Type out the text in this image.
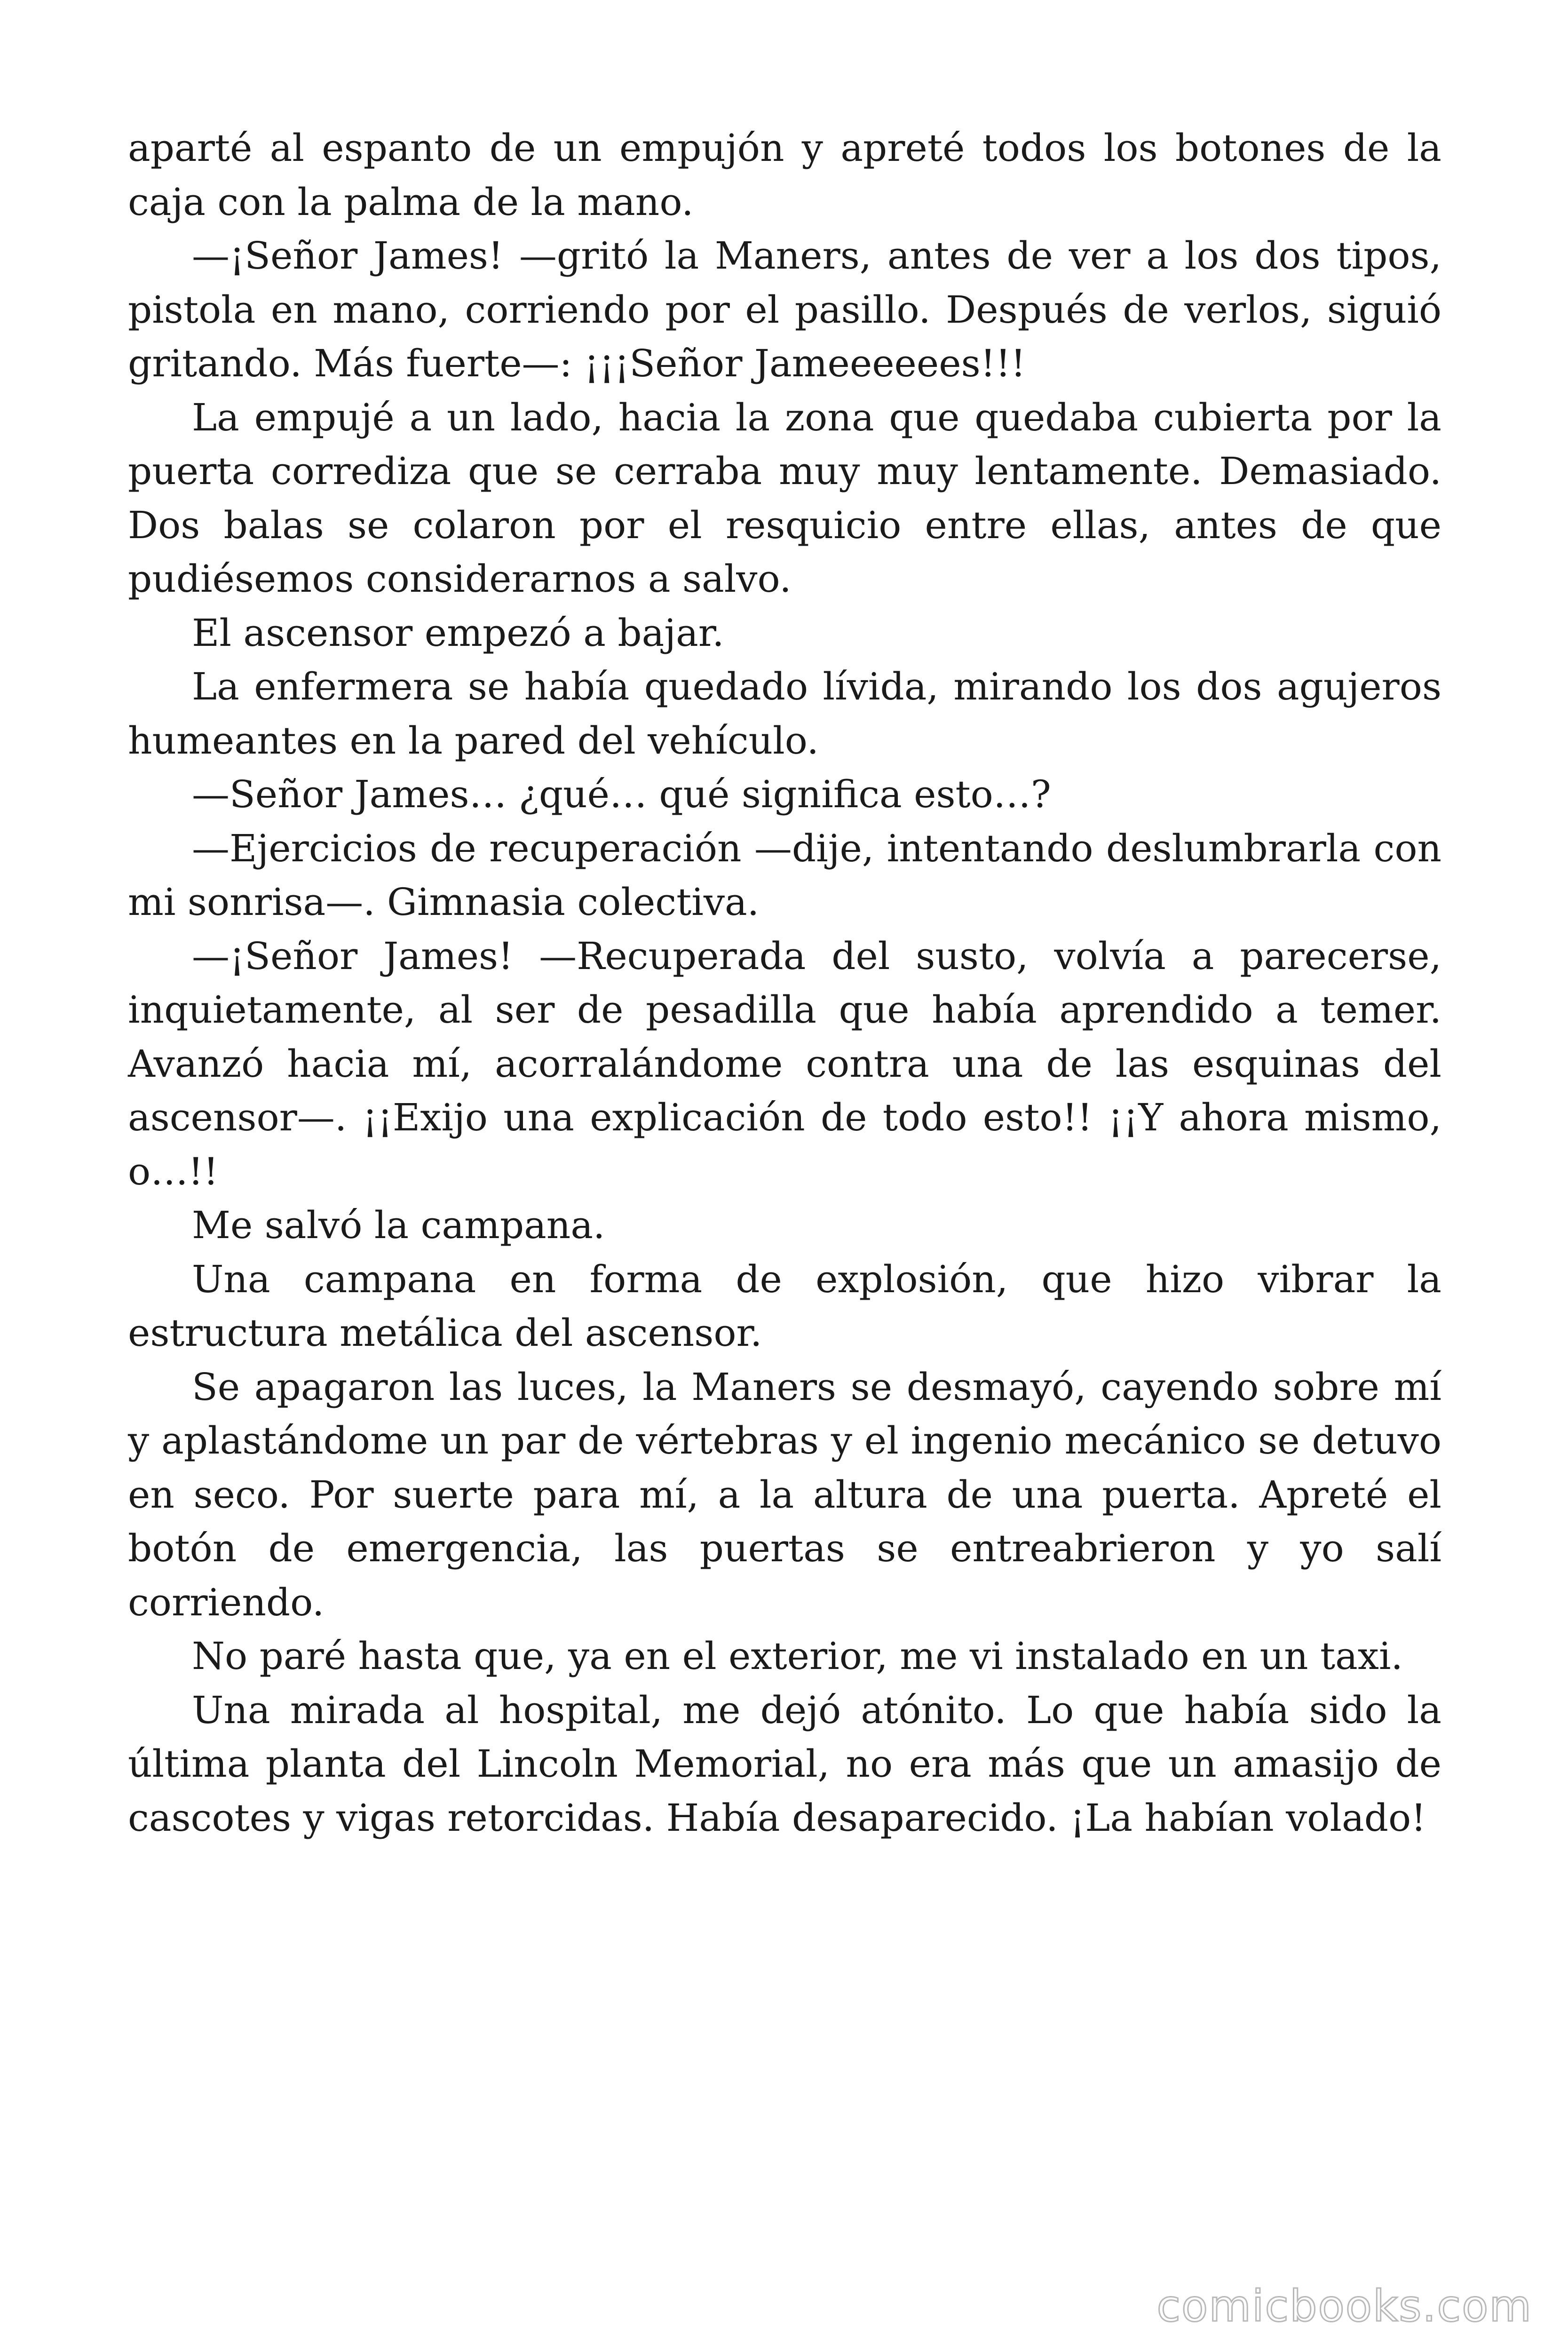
aparté al espanto de un empujón y apreté todos los botones de la caja con la palma de la mano.

—¡Señor James! —gritó la Maners, antes de ver a los dos tipos, pistola en mano, corriendo por el pasillo. Después de verlos, siguió gritando. Más fuerte—: ¡¡¡Señor Jameeeeees!!!

La empujé a un lado, hacia la zona que quedaba cubierta por la puerta corrediza que se cerraba muy muy lentamente. Demasiado. Dos balas se colaron por el resquicio entre ellas, antes de que pudiésemos considerarnos a salvo.

El ascensor empezó a bajar.

La enfermera se había quedado lívida, mirando los dos agujeros humeantes en la pared del vehículo.

—Señor James… ¿qué… qué significa esto…?

—Ejercicios de recuperación —dije, intentando deslumbrarla con mi sonrisa—. Gimnasia colectiva.

—¡Señor James! —Recuperada del susto, volvía a parecerse, inquietamente, al ser de pesadilla que había aprendido a temer. Avanzó hacia mí, acorralándome contra una de las esquinas del ascensor—. ¡¡Exijo una explicación de todo esto!! ¡¡Y ahora mismo, o…!!

Me salvó la campana.

Una campana en forma de explosión, que hizo vibrar la estructura metálica del ascensor.

Se apagaron las luces, la Maners se desmayó, cayendo sobre mí y aplastándome un par de vértebras y el ingenio mecánico se detuvo en seco. Por suerte para mí, a la altura de una puerta. Apreté el botón de emergencia, las puertas se entreabrieron y yo salí corriendo.

No paré hasta que, ya en el exterior, me vi instalado en un taxi.

Una mirada al hospital, me dejó atónito. Lo que había sido la última planta del Lincoln Memorial, no era más que un amasijo de cascotes y vigas retorcidas. Había desaparecido. ¡La habían volado!

comicbooks.com
